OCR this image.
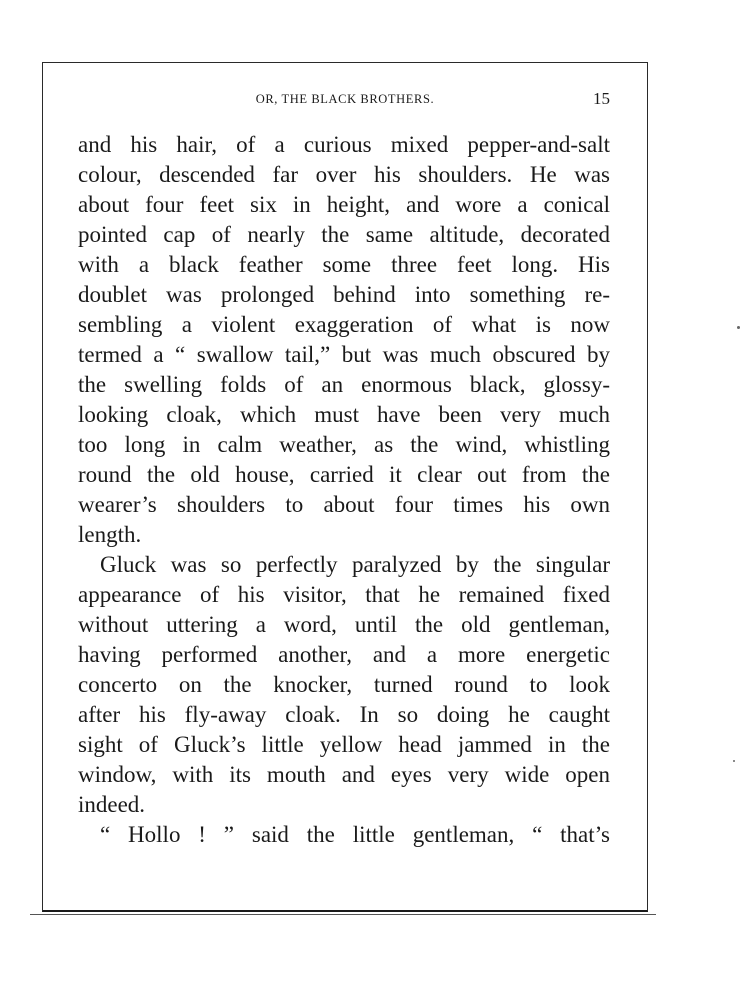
OR, THE BLACK BROTHERS.	15
and his hair, of a curious mixed pepper-and-salt
colour, descended far over his shoulders. He was
about four feet six in height, and wore a conical
pointed cap of nearly the same altitude, decorated
with a black feather some three feet long. His
doublet was prolonged behind into something re-
sembling a violent exaggeration of what is now
termed a “ swallow tail,” but was much obscured by
the swelling folds of an enormous black, glossy-
looking cloak, which must have been very much
too long in calm weather, as the wind, whistling
round the old house, carried it clear out from the
wearer’s shoulders to about four times his own
length.
Gluck was so perfectly paralyzed by the singular
appearance of his visitor, that he remained fixed
without uttering a word, until the old gentleman,
having performed another, and a more energetic
concerto on the knocker, turned round to look
after his fly-away cloak. In so doing he caught
sight of Gluck’s little yellow head jammed in the
window, with its mouth and eyes very wide open
indeed.
“ Hollo ! ” said the little gentleman, “ that’s
